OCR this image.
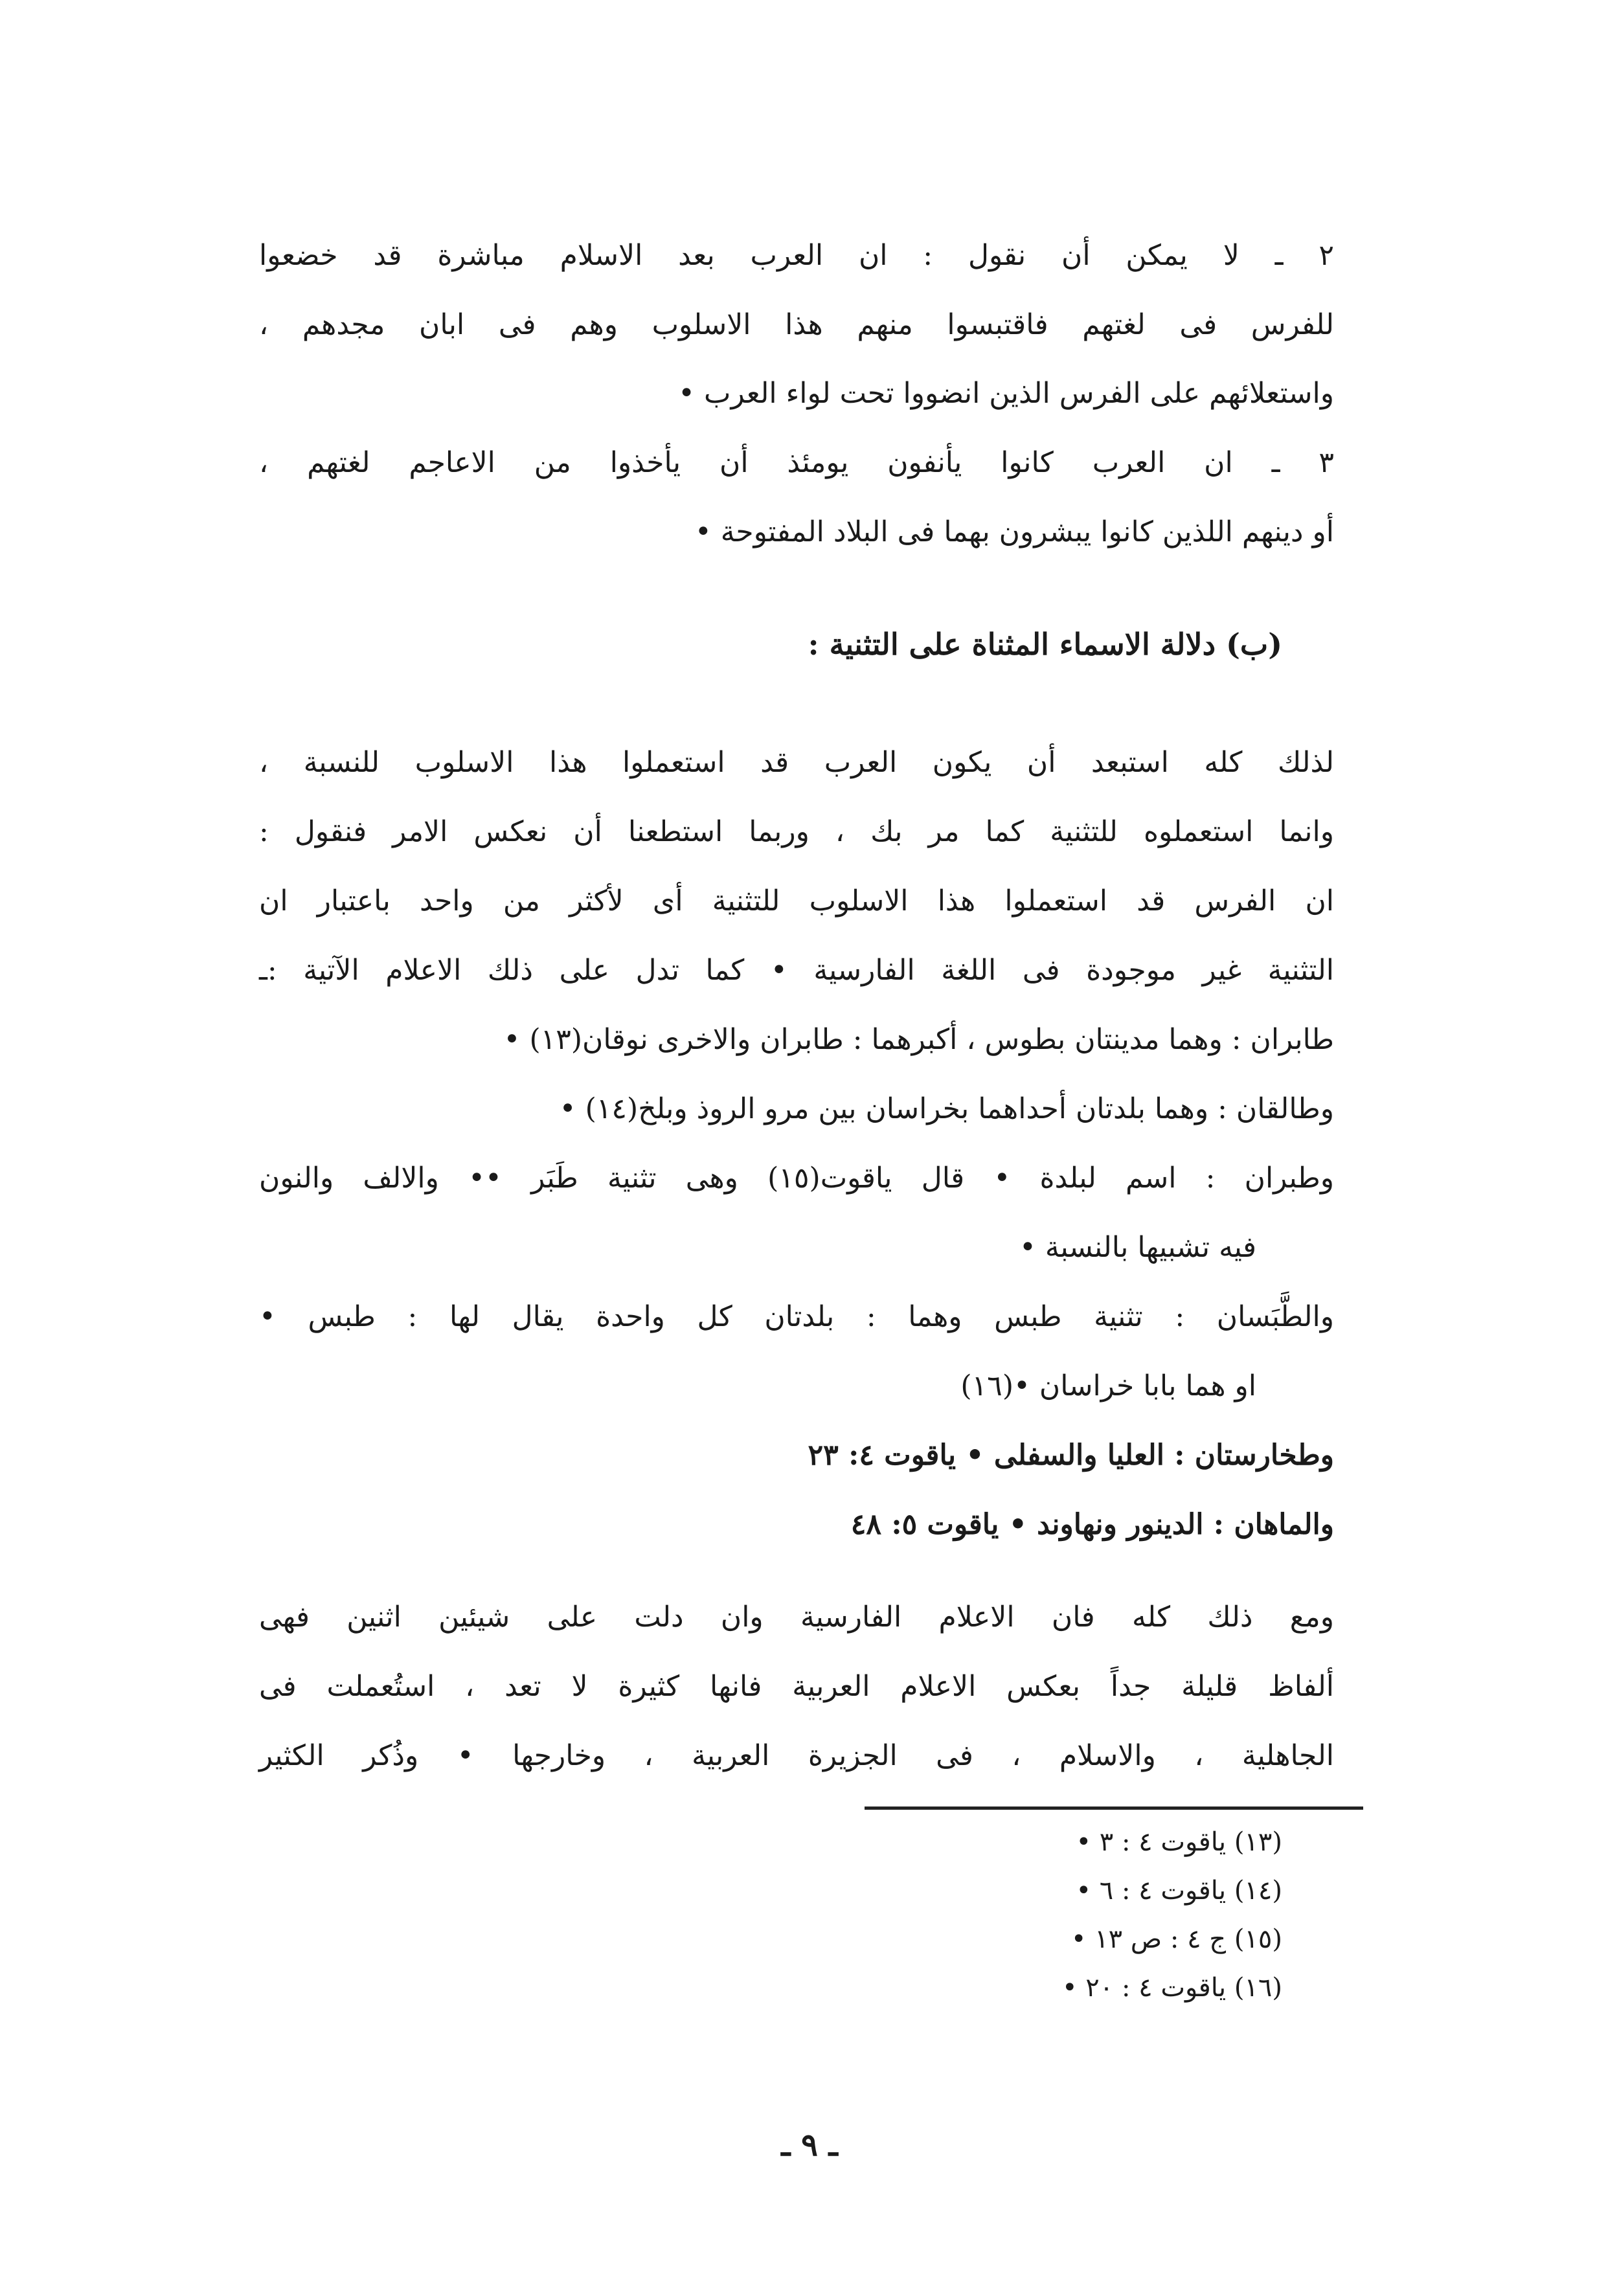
٢ ـ لا يمكن أن نقول : ان العرب بعد الاسلام مباشرة قد خضعوا
للفرس فى لغتهم فاقتبسوا منهم هذا الاسلوب وهم فى ابان مجدهم ،
واستعلائهم على الفرس الذين انضووا تحت لواء العرب •
٣ ـ ان العرب كانوا يأنفون يومئذ أن يأخذوا من الاعاجم لغتهم ،
أو دينهم اللذين كانوا يبشرون بهما فى البلاد المفتوحة •
(ب) دلالة الاسماء المثناة على التثنية :
لذلك كله استبعد أن يكون العرب قد استعملوا هذا الاسلوب للنسبة ،
وانما استعملوه للتثنية كما مر بك ، وربما استطعنا أن نعكس الامر فنقول :
ان الفرس قد استعملوا هذا الاسلوب للتثنية أى لأكثر من واحد باعتبار ان
التثنية غير موجودة فى اللغة الفارسية • كما تدل على ذلك الاعلام الآتية :ـ
طابران : وهما مدينتان بطوس ، أكبرهما : طابران والاخرى نوقان(١٣) •
وطالقان : وهما بلدتان أحداهما بخراسان بين مرو الروذ وبلخ(١٤) •
وطبران : اسم لبلدة • قال ياقوت(١٥) وهى تثنية طَبَر •• والالف والنون
فيه تشبيها بالنسبة •
والطَّبَسان : تثنية طبس وهما : بلدتان كل واحدة يقال لها : طبس •
او هما بابا خراسان •(١٦)
وطخارستان : العليا والسفلى • ياقوت ٤: ٢٣
والماهان : الدينور ونهاوند • ياقوت ٥: ٤٨
ومع ذلك كله فان الاعلام الفارسية وان دلت على شيئين اثنين فهى
ألفاظ قليلة جداً بعكس الاعلام العربية فانها كثيرة لا تعد ، استُعملت فى
الجاهلية ، والاسلام ، فى الجزيرة العربية ، وخارجها • وذُكر الكثير
(١٣) ياقوت ٤ : ٣ •
(١٤) ياقوت ٤ : ٦ •
(١٥) ج ٤ : ص ١٣ •
(١٦) ياقوت ٤ : ٢٠ •
ـ ٩ ـ
